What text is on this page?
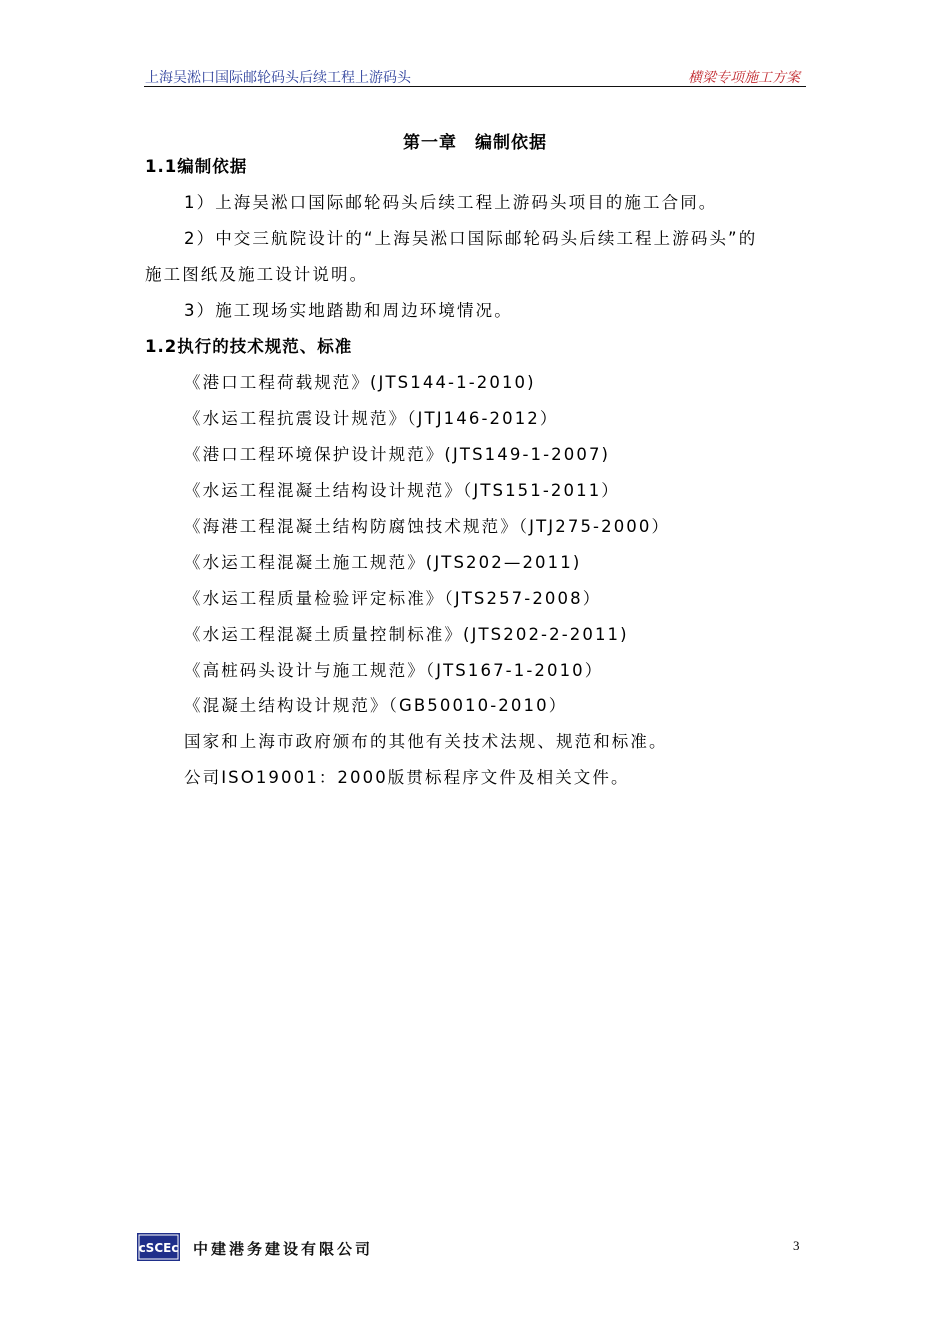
上海吴淞口国际邮轮码头后续工程上游码头	横梁专项施工方案
第一章　编制依据
1.1编制依据
1）上海吴淞口国际邮轮码头后续工程上游码头项目的施工合同。
2）中交三航院设计的“上海吴淞口国际邮轮码头后续工程上游码头”的
施工图纸及施工设计说明。
3）施工现场实地踏勘和周边环境情况。
1.2执行的技术规范、标准
《港口工程荷载规范》(JTS144-1-2010)
《水运工程抗震设计规范》（JTJ146-2012）
《港口工程环境保护设计规范》(JTS149-1-2007)
《水运工程混凝土结构设计规范》（JTS151-2011）
《海港工程混凝土结构防腐蚀技术规范》（JTJ275-2000）
《水运工程混凝土施工规范》(JTS202—2011)
《水运工程质量检验评定标准》（JTS257-2008）
《水运工程混凝土质量控制标准》(JTS202-2-2011)
《高桩码头设计与施工规范》（JTS167-1-2010）
《混凝土结构设计规范》（GB50010-2010）
国家和上海市政府颁布的其他有关技术法规、规范和标准。
公司ISO19001：2000版贯标程序文件及相关文件。
cSCEc 中建港务建设有限公司	3
